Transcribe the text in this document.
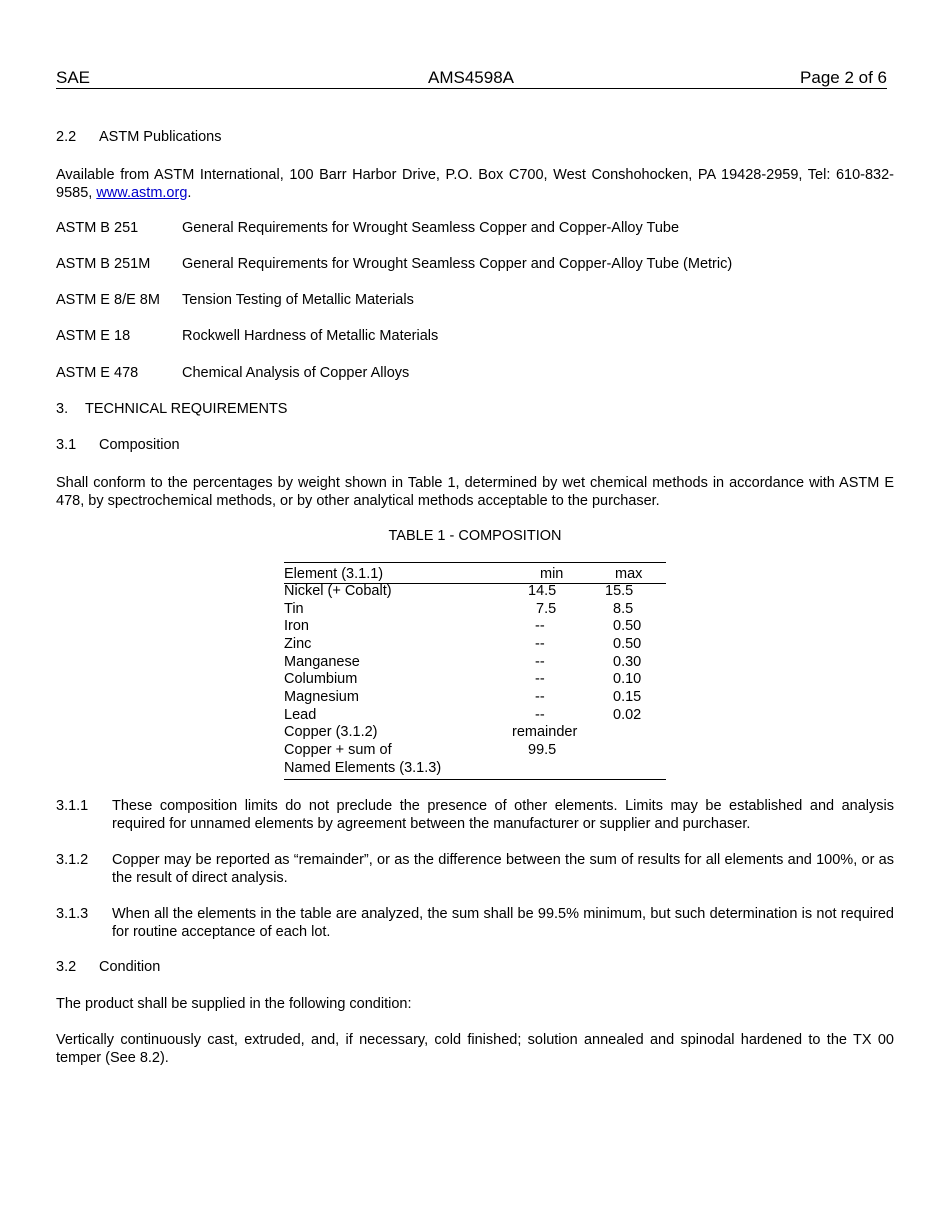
SAE	AMS4598A	Page 2 of 6
2.2 ASTM Publications
Available from ASTM International, 100 Barr Harbor Drive, P.O. Box C700, West Conshohocken, PA 19428-2959, Tel: 610-832-9585, www.astm.org.
ASTM B 251	General Requirements for Wrought Seamless Copper and Copper-Alloy Tube
ASTM B 251M General Requirements for Wrought Seamless Copper and Copper-Alloy Tube (Metric)
ASTM E 8/E 8M Tension Testing of Metallic Materials
ASTM E 18	Rockwell Hardness of Metallic Materials
ASTM E 478	Chemical Analysis of Copper Alloys
3. TECHNICAL REQUIREMENTS
3.1 Composition
Shall conform to the percentages by weight shown in Table 1, determined by wet chemical methods in accordance with ASTM E 478, by spectrochemical methods, or by other analytical methods acceptable to the purchaser.
TABLE 1 - COMPOSITION
Element (3.1.1)	min	max
Nickel (+ Cobalt)	14.5	15.5
Tin	7.5	8.5
Iron	--	0.50
Zinc	--	0.50
Manganese	--	0.30
Columbium	--	0.10
Magnesium	--	0.15
Lead	--	0.02
Copper (3.1.2)	remainder
Copper + sum of	99.5
Named Elements (3.1.3)
3.1.1 These composition limits do not preclude the presence of other elements. Limits may be established and analysis required for unnamed elements by agreement between the manufacturer or supplier and purchaser.
3.1.2 Copper may be reported as “remainder”, or as the difference between the sum of results for all elements and 100%, or as the result of direct analysis.
3.1.3 When all the elements in the table are analyzed, the sum shall be 99.5% minimum, but such determination is not required for routine acceptance of each lot.
3.2 Condition
The product shall be supplied in the following condition:
Vertically continuously cast, extruded, and, if necessary, cold finished; solution annealed and spinodal hardened to the TX 00 temper (See 8.2).
